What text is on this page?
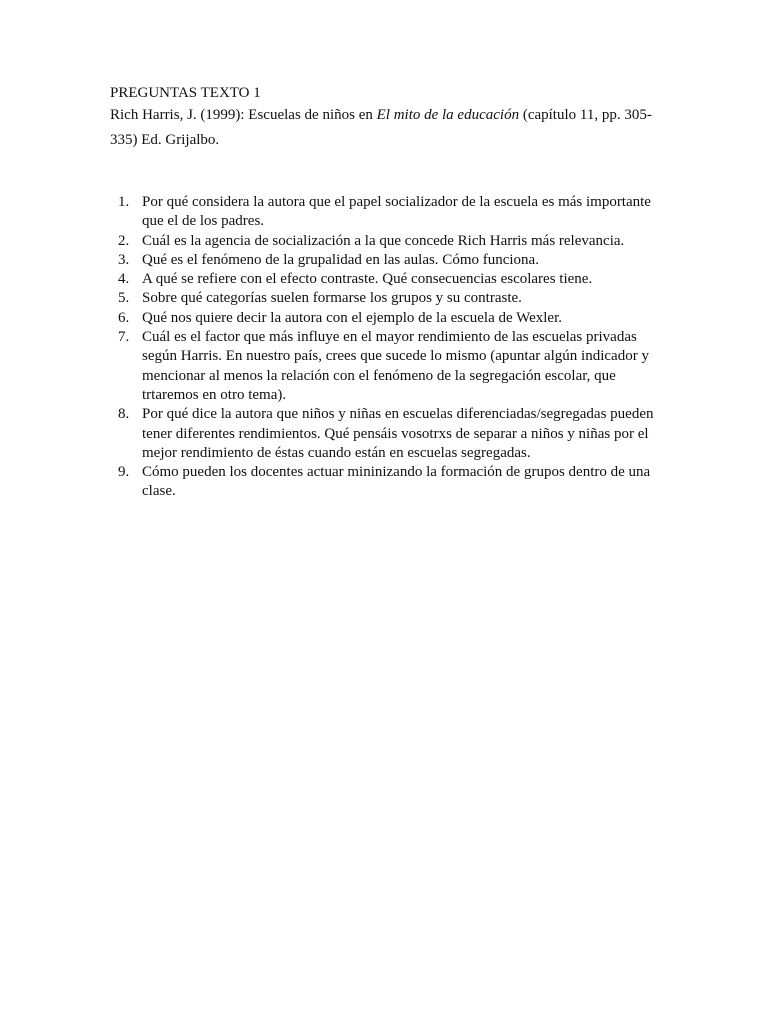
PREGUNTAS TEXTO 1

Rich Harris, J. (1999): Escuelas de niños en El mito de la educación (capítulo 11, pp. 305-335) Ed. Grijalbo.

1. Por qué considera la autora que el papel socializador de la escuela es más importante que el de los padres.
2. Cuál es la agencia de socialización a la que concede Rich Harris más relevancia.
3. Qué es el fenómeno de la grupalidad en las aulas. Cómo funciona.
4. A qué se refiere con el efecto contraste. Qué consecuencias escolares tiene.
5. Sobre qué categorías suelen formarse los grupos y su contraste.
6. Qué nos quiere decir la autora con el ejemplo de la escuela de Wexler.
7. Cuál es el factor que más influye en el mayor rendimiento de las escuelas privadas según Harris. En nuestro país, crees que sucede lo mismo (apuntar algún indicador y mencionar al menos la relación con el fenómeno de la segregación escolar, que trtaremos en otro tema).
8. Por qué dice la autora que niños y niñas en escuelas diferenciadas/segregadas pueden tener diferentes rendimientos. Qué pensáis vosotrxs de separar a niños y niñas por el mejor rendimiento de éstas cuando están en escuelas segregadas.
9. Cómo pueden los docentes actuar mininizando la formación de grupos dentro de una clase.
